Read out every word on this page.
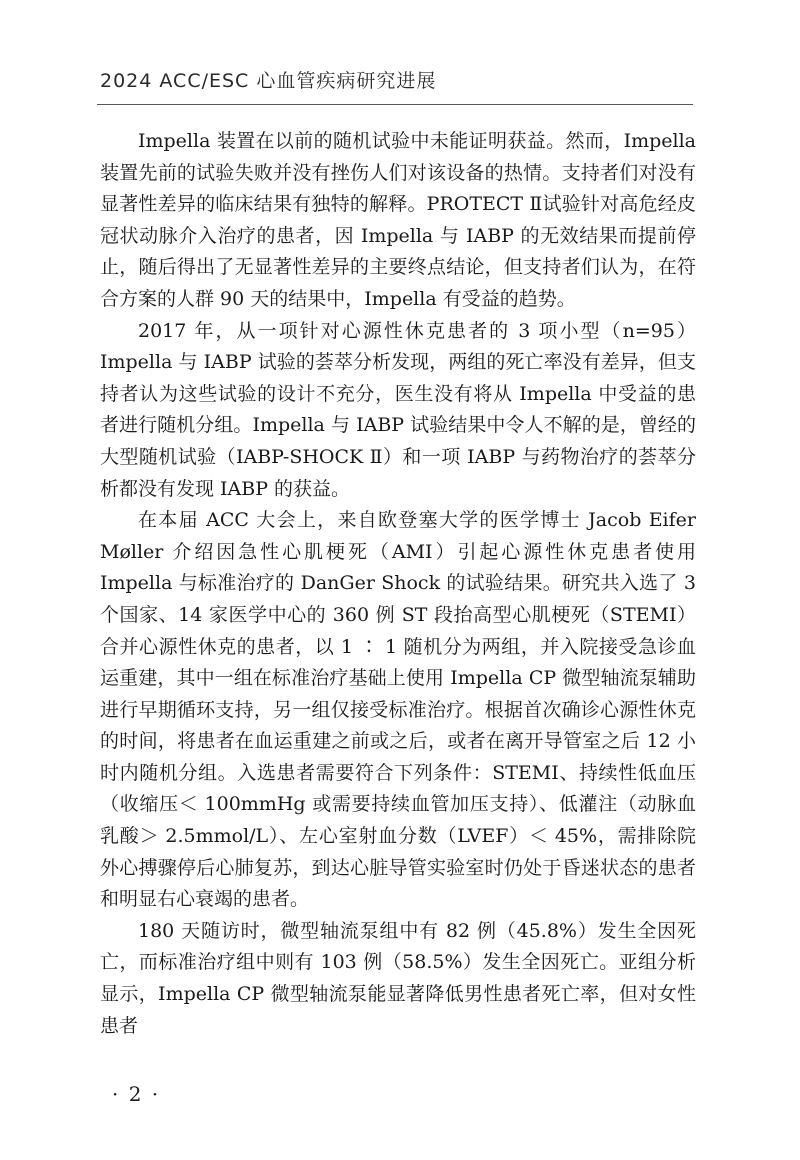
2024 ACC/ESC 心血管疾病研究进展

Impella 装置在以前的随机试验中未能证明获益。然而，Impella 装置先前的试验失败并没有挫伤人们对该设备的热情。支持者们对没有显著性差异的临床结果有独特的解释。PROTECT Ⅱ试验针对高危经皮冠状动脉介入治疗的患者，因 Impella 与 IABP 的无效结果而提前停止，随后得出了无显著性差异的主要终点结论，但支持者们认为，在符合方案的人群 90 天的结果中，Impella 有受益的趋势。

2017 年，从一项针对心源性休克患者的 3 项小型（n=95）Impella 与 IABP 试验的荟萃分析发现，两组的死亡率没有差异，但支持者认为这些试验的设计不充分，医生没有将从 Impella 中受益的患者进行随机分组。Impella 与 IABP 试验结果中令人不解的是，曾经的大型随机试验（IABP-SHOCK Ⅱ）和一项 IABP 与药物治疗的荟萃分析都没有发现 IABP 的获益。

在本届 ACC 大会上，来自欧登塞大学的医学博士 Jacob Eifer Møller 介绍因急性心肌梗死（AMI）引起心源性休克患者使用 Impella 与标准治疗的 DanGer Shock 的试验结果。研究共入选了 3 个国家、14 家医学中心的 360 例 ST 段抬高型心肌梗死（STEMI）合并心源性休克的患者，以 1 ∶ 1 随机分为两组，并入院接受急诊血运重建，其中一组在标准治疗基础上使用 Impella CP 微型轴流泵辅助进行早期循环支持，另一组仅接受标准治疗。根据首次确诊心源性休克的时间，将患者在血运重建之前或之后，或者在离开导管室之后 12 小时内随机分组。入选患者需要符合下列条件：STEMI、持续性低血压（收缩压＜ 100mmHg 或需要持续血管加压支持）、低灌注（动脉血乳酸＞ 2.5mmol/L）、左心室射血分数（LVEF）＜ 45%，需排除院外心搏骤停后心肺复苏，到达心脏导管实验室时仍处于昏迷状态的患者和明显右心衰竭的患者。

180 天随访时，微型轴流泵组中有 82 例（45.8%）发生全因死亡，而标准治疗组中则有 103 例（58.5%）发生全因死亡。亚组分析显示，Impella CP 微型轴流泵能显著降低男性患者死亡率，但对女性患者

· 2 ·
